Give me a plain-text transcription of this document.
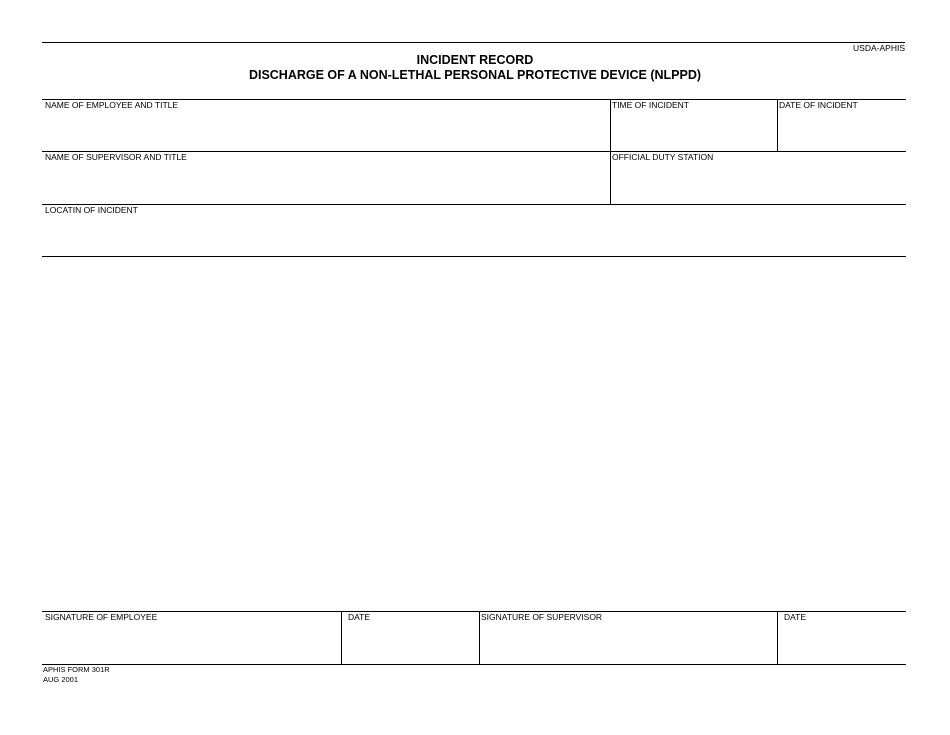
USDA-APHIS
INCIDENT RECORD
DISCHARGE OF A NON-LETHAL PERSONAL PROTECTIVE DEVICE (NLPPD)
NAME OF EMPLOYEE AND TITLE	TIME OF INCIDENT	DATE OF INCIDENT
NAME OF SUPERVISOR AND TITLE	OFFICIAL DUTY STATION
LOCATIN OF INCIDENT
SIGNATURE OF EMPLOYEE	DATE	SIGNATURE OF SUPERVISOR	DATE
APHIS FORM 301R
AUG 2001
